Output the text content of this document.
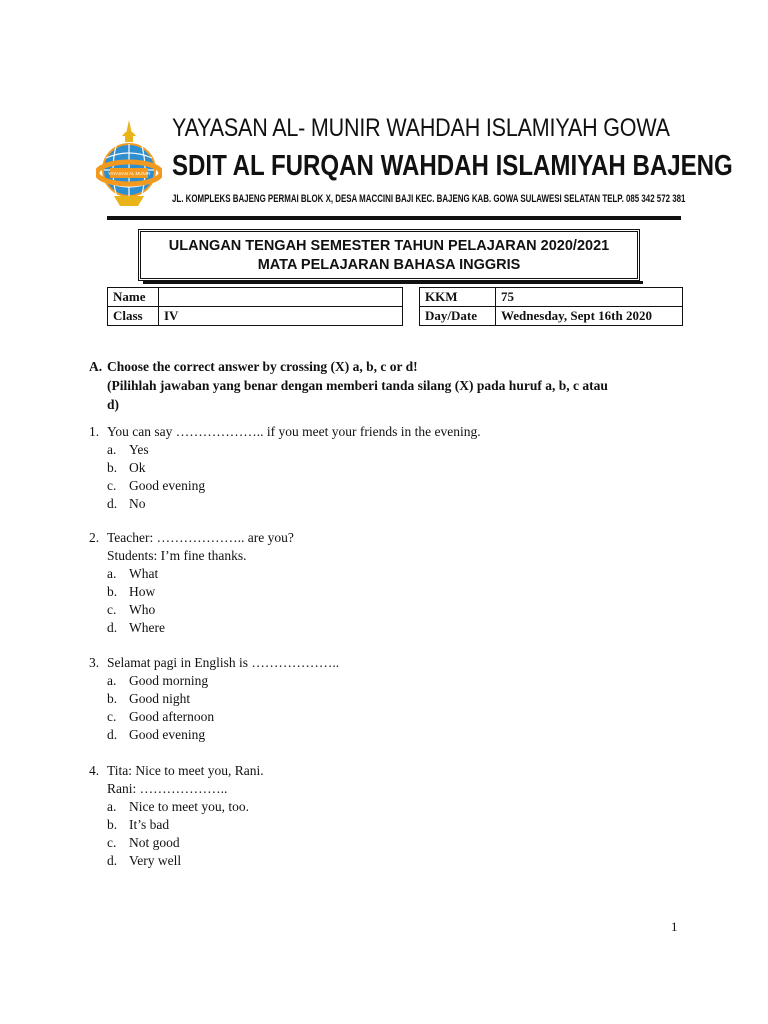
YAYASAN AL MUNIR
YAYASAN AL- MUNIR WAHDAH ISLAMIYAH GOWA
SDIT AL FURQAN WAHDAH ISLAMIYAH BAJENG
JL. KOMPLEKS BAJENG PERMAI BLOK X, DESA MACCINI BAJI KEC. BAJENG KAB. GOWA SULAWESI SELATAN TELP. 085 342 572 381
ULANGAN TENGAH SEMESTER TAHUN PELAJARAN 2020/2021
MATA PELAJARAN BAHASA INGGRIS
Name	
Class	IV
KKM	75
Day/Date	Wednesday, Sept 16th 2020
A. Choose the correct answer by crossing (X) a, b, c or d!
(Pilihlah jawaban yang benar dengan memberi tanda silang (X) pada huruf a, b, c atau
d)
1. You can say ……………….. if you meet your friends in the evening.
a. Yes
b. Ok
c. Good evening
d. No
2. Teacher: ……………….. are you?
Students: I’m fine thanks.
a. What
b. How
c. Who
d. Where
3. Selamat pagi in English is ………………..
a. Good morning
b. Good night
c. Good afternoon
d. Good evening
4. Tita: Nice to meet you, Rani.
Rani: ………………..
a. Nice to meet you, too.
b. It’s bad
c. Not good
d. Very well
1
